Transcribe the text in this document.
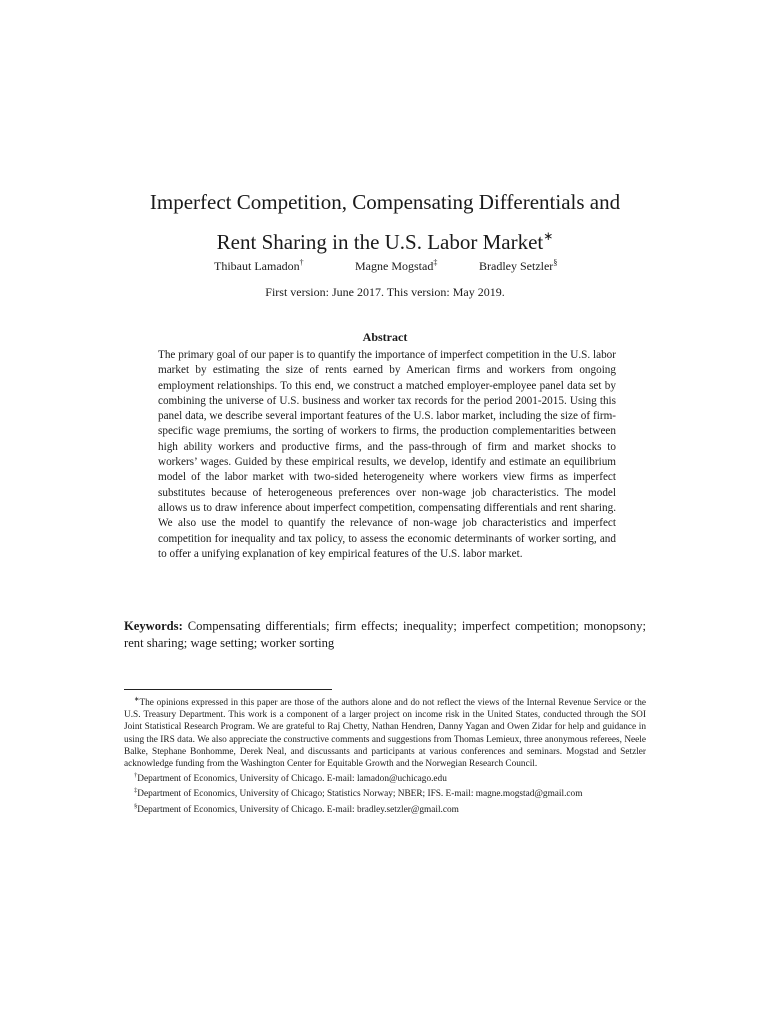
Imperfect Competition, Compensating Differentials and
Rent Sharing in the U.S. Labor Market∗
Thibaut Lamadon†	Magne Mogstad‡	Bradley Setzler§
First version: June 2017. This version: May 2019.
Abstract
The primary goal of our paper is to quantify the importance of imperfect competition in the U.S. labor market by estimating the size of rents earned by American firms and workers from ongoing employment relationships. To this end, we construct a matched employer-employee panel data set by combining the universe of U.S. business and worker tax records for the period 2001-2015. Using this panel data, we describe several important features of the U.S. labor market, including the size of firm-specific wage premiums, the sorting of workers to firms, the production complementarities between high ability workers and productive firms, and the pass-through of firm and market shocks to workers’ wages. Guided by these empirical results, we develop, identify and estimate an equilibrium model of the labor market with two-sided heterogeneity where workers view firms as imperfect substitutes because of heterogeneous preferences over non-wage job characteristics. The model allows us to draw inference about imperfect competition, compensating differentials and rent sharing. We also use the model to quantify the relevance of non-wage job characteristics and imperfect competition for inequality and tax policy, to assess the economic determinants of worker sorting, and to offer a unifying explanation of key empirical features of the U.S. labor market.
Keywords: Compensating differentials; firm effects; inequality; imperfect competition; monopsony; rent sharing; wage setting; worker sorting

∗The opinions expressed in this paper are those of the authors alone and do not reflect the views of the Internal Revenue Service or the U.S. Treasury Department. This work is a component of a larger project on income risk in the United States, conducted through the SOI Joint Statistical Research Program. We are grateful to Raj Chetty, Nathan Hendren, Danny Yagan and Owen Zidar for help and guidance in using the IRS data. We also appreciate the constructive comments and suggestions from Thomas Lemieux, three anonymous referees, Neele Balke, Stephane Bonhomme, Derek Neal, and discussants and participants at various conferences and seminars. Mogstad and Setzler acknowledge funding from the Washington Center for Equitable Growth and the Norwegian Research Council.

†Department of Economics, University of Chicago. E-mail: lamadon@uchicago.edu

‡Department of Economics, University of Chicago; Statistics Norway; NBER; IFS. E-mail: magne.mogstad@gmail.com

§Department of Economics, University of Chicago. E-mail: bradley.setzler@gmail.com
